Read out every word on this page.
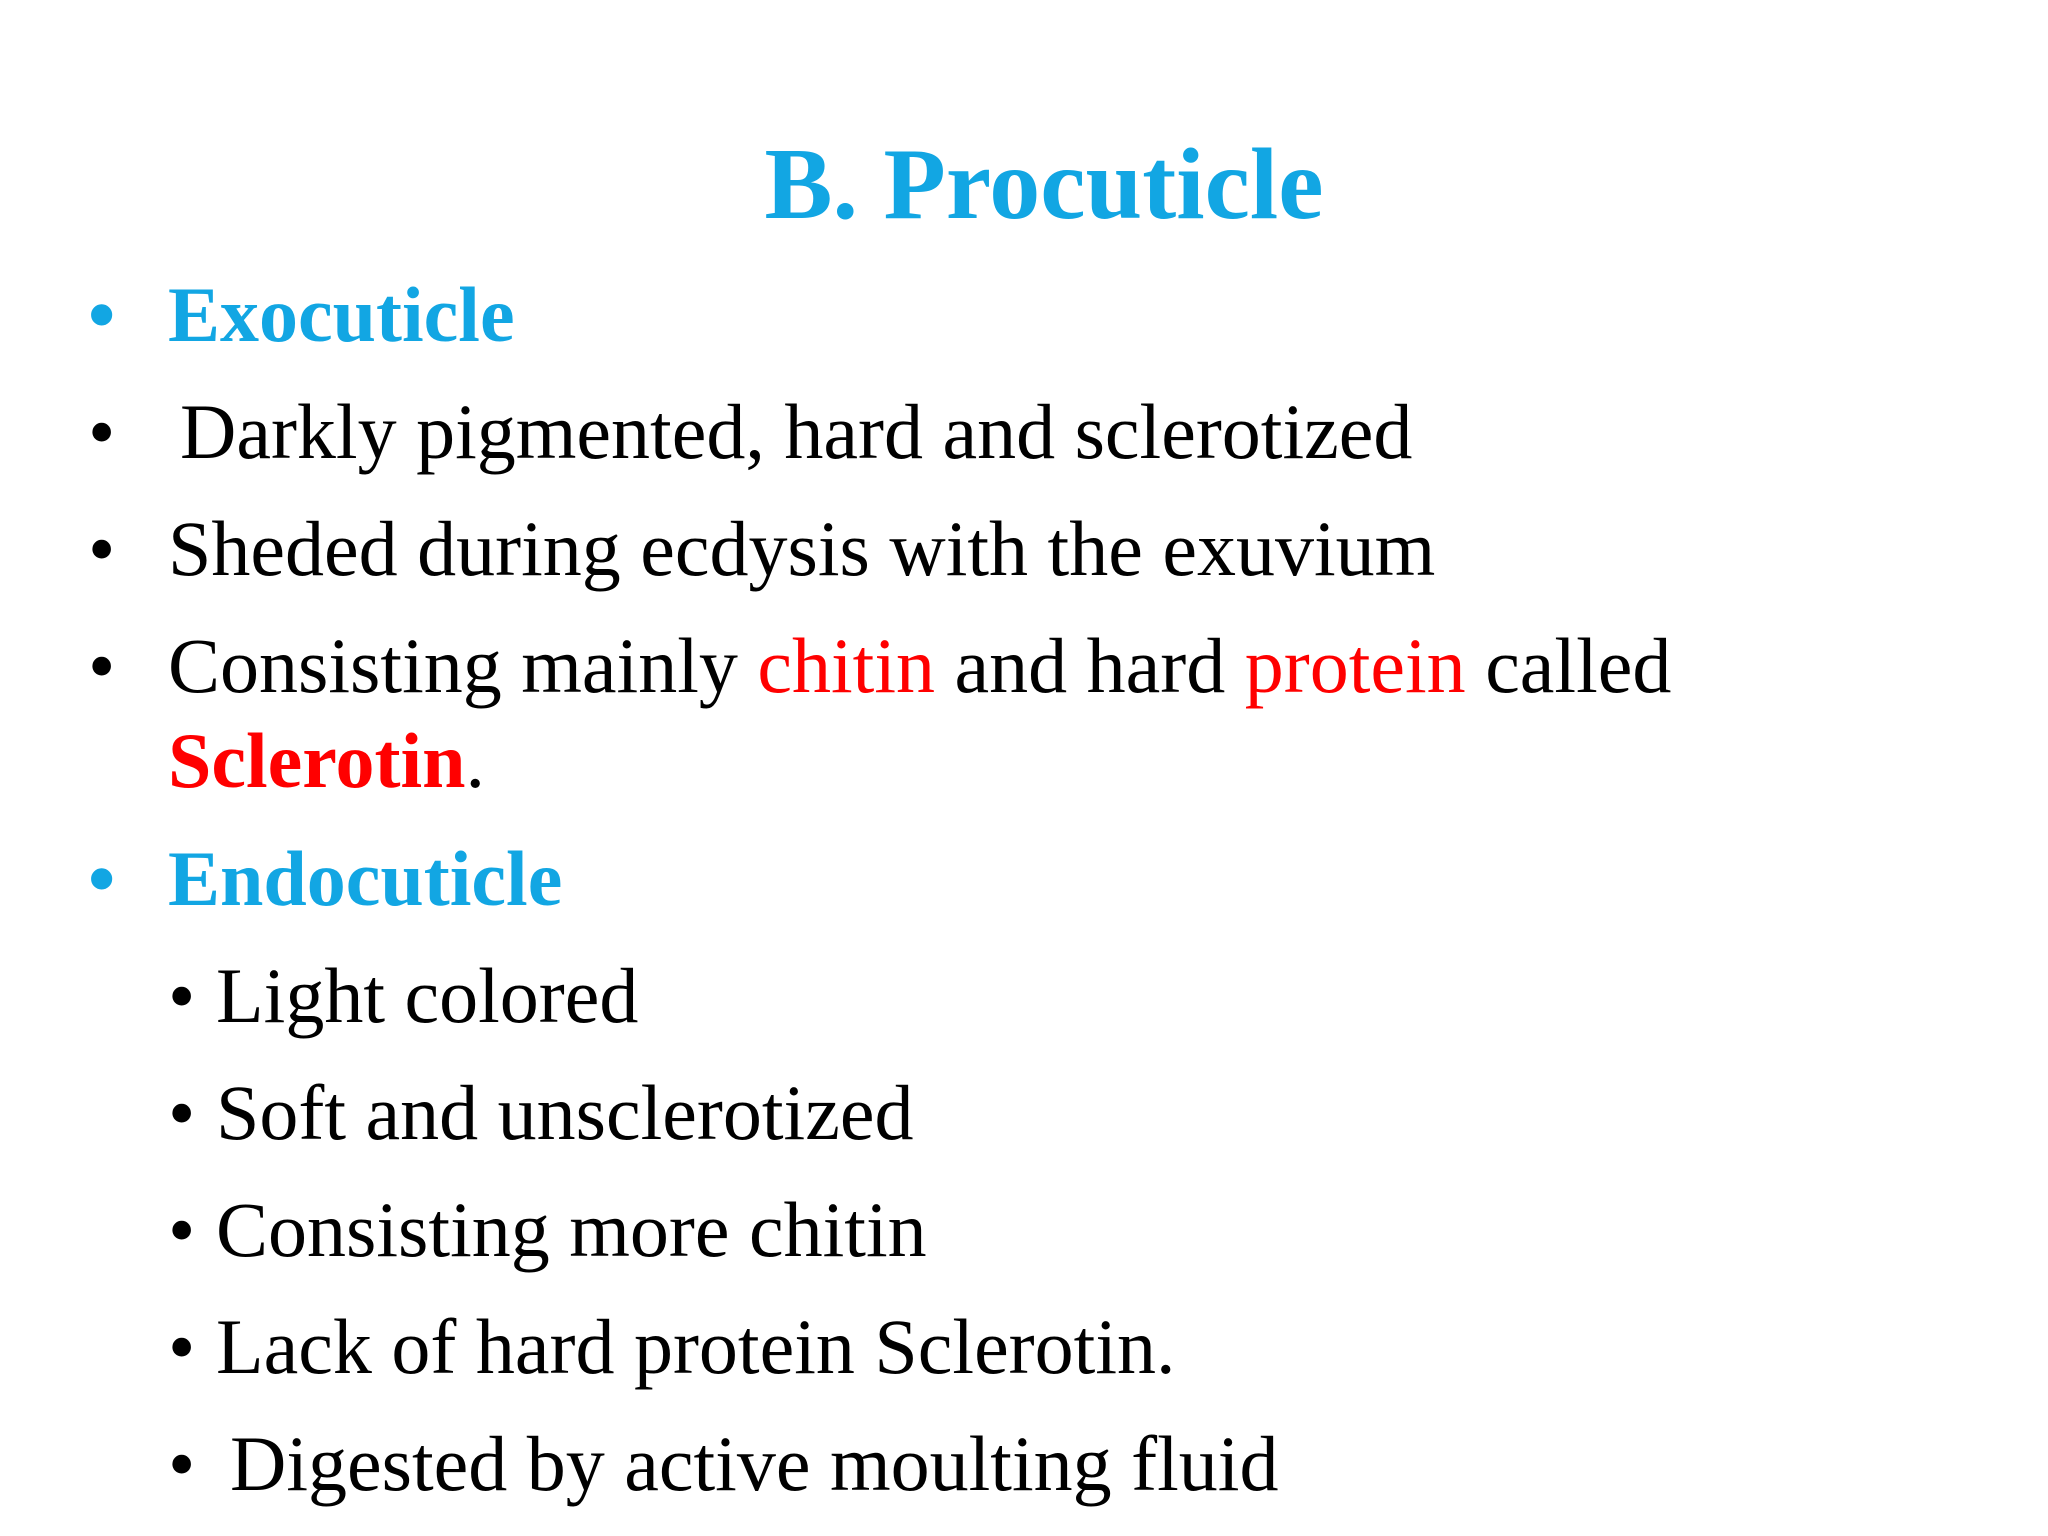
B. Procuticle
• Exocuticle
• Darkly pigmented, hard and sclerotized
• Sheded during ecdysis with the exuvium
• Consisting mainly chitin and hard protein called
Sclerotin.
• Endocuticle
• Light colored
• Soft and unsclerotized
• Consisting more chitin
• Lack of hard protein Sclerotin.
• Digested by active moulting fluid
